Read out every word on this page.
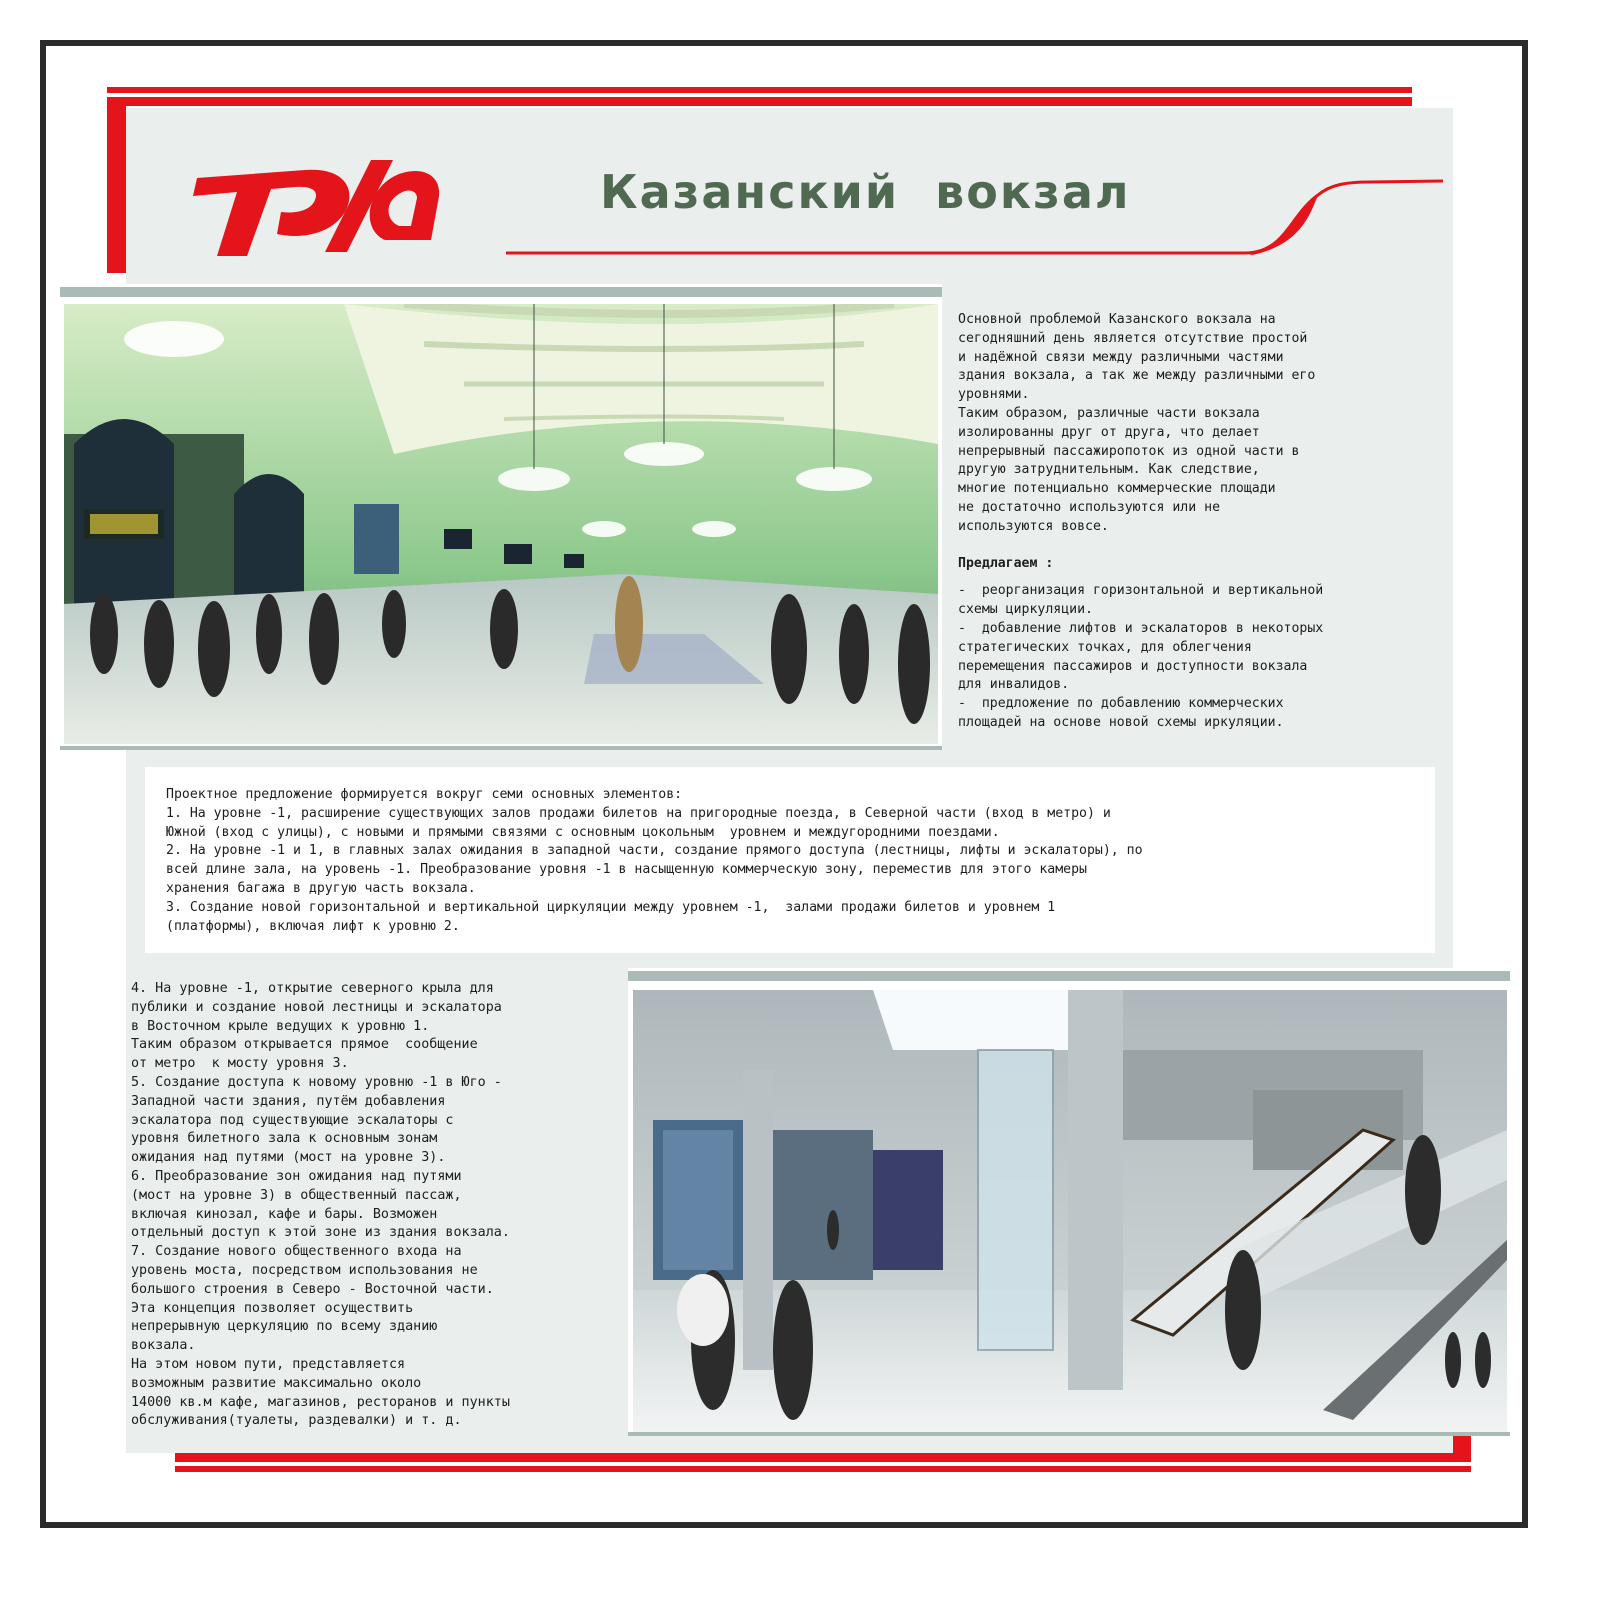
Казанский  вокзал

Основной проблемой Казанского вокзала на

сегодняшний день является отсутствие простой

и надёжной связи между различными частями

здания вокзала, а так же между различными его

уровнями.

Таким образом, различные части вокзала

изолированны друг от друга, что делает

непрерывный пассажиропоток из одной части в

другую затруднительным. Как следствие,

многие потенциально коммерческие площади

не достаточно используются или не

используются вовсе.

Предлагаем :

-  реорганизация горизонтальной и вертикальной

схемы циркуляции.

-  добавление лифтов и эскалаторов в некоторых

стратегических точках, для облегчения

перемещения пассажиров и доступности вокзала

для инвалидов.

-  предложение по добавлению коммерческих

площадей на основе новой схемы иркуляции.

Проектное предложение формируется вокруг семи основных элементов:

1. На уровне -1, расширение существующих залов продажи билетов на пригородные поезда, в Северной части (вход в метро) и

Южной (вход с улицы), с новыми и прямыми связями с основным цокольным  уровнем и междугородними поездами.

2. На уровне -1 и 1, в главных залах ожидания в западной части, создание прямого доступа (лестницы, лифты и эскалаторы), по

всей длине зала, на уровень -1. Преобразование уровня -1 в насыщенную коммерческую зону, переместив для этого камеры

хранения багажа в другую часть вокзала.

3. Создание новой горизонтальной и вертикальной циркуляции между уровнем -1,  залами продажи билетов и уровнем 1

(платформы), включая лифт к уровню 2.

4. На уровне -1, открытие северного крыла для

публики и создание новой лестницы и эскалатора

в Восточном крыле ведущих к уровню 1.

Таким образом открывается прямое  сообщение

от метро  к мосту уровня 3.

5. Создание доступа к новому уровню -1 в Юго -

Западной части здания, путём добавления

эскалатора под существующие эскалаторы с

уровня билетного зала к основным зонам

ожидания над путями (мост на уровне 3).

6. Преобразование зон ожидания над путями

(мост на уровне 3) в общественный пассаж,

включая кинозал, кафе и бары. Возможен

отдельный доступ к этой зоне из здания вокзала.

7. Создание нового общественного входа на

уровень моста, посредством использования не

большого строения в Северо - Восточной части.

Эта концепция позволяет осуществить

непрерывную церкуляцию по всему зданию

вокзала.

На этом новом пути, представляется

возможным развитие максимально около

14000 кв.м кафе, магазинов, ресторанов и пункты

обслуживания(туалеты, раздевалки) и т. д.
